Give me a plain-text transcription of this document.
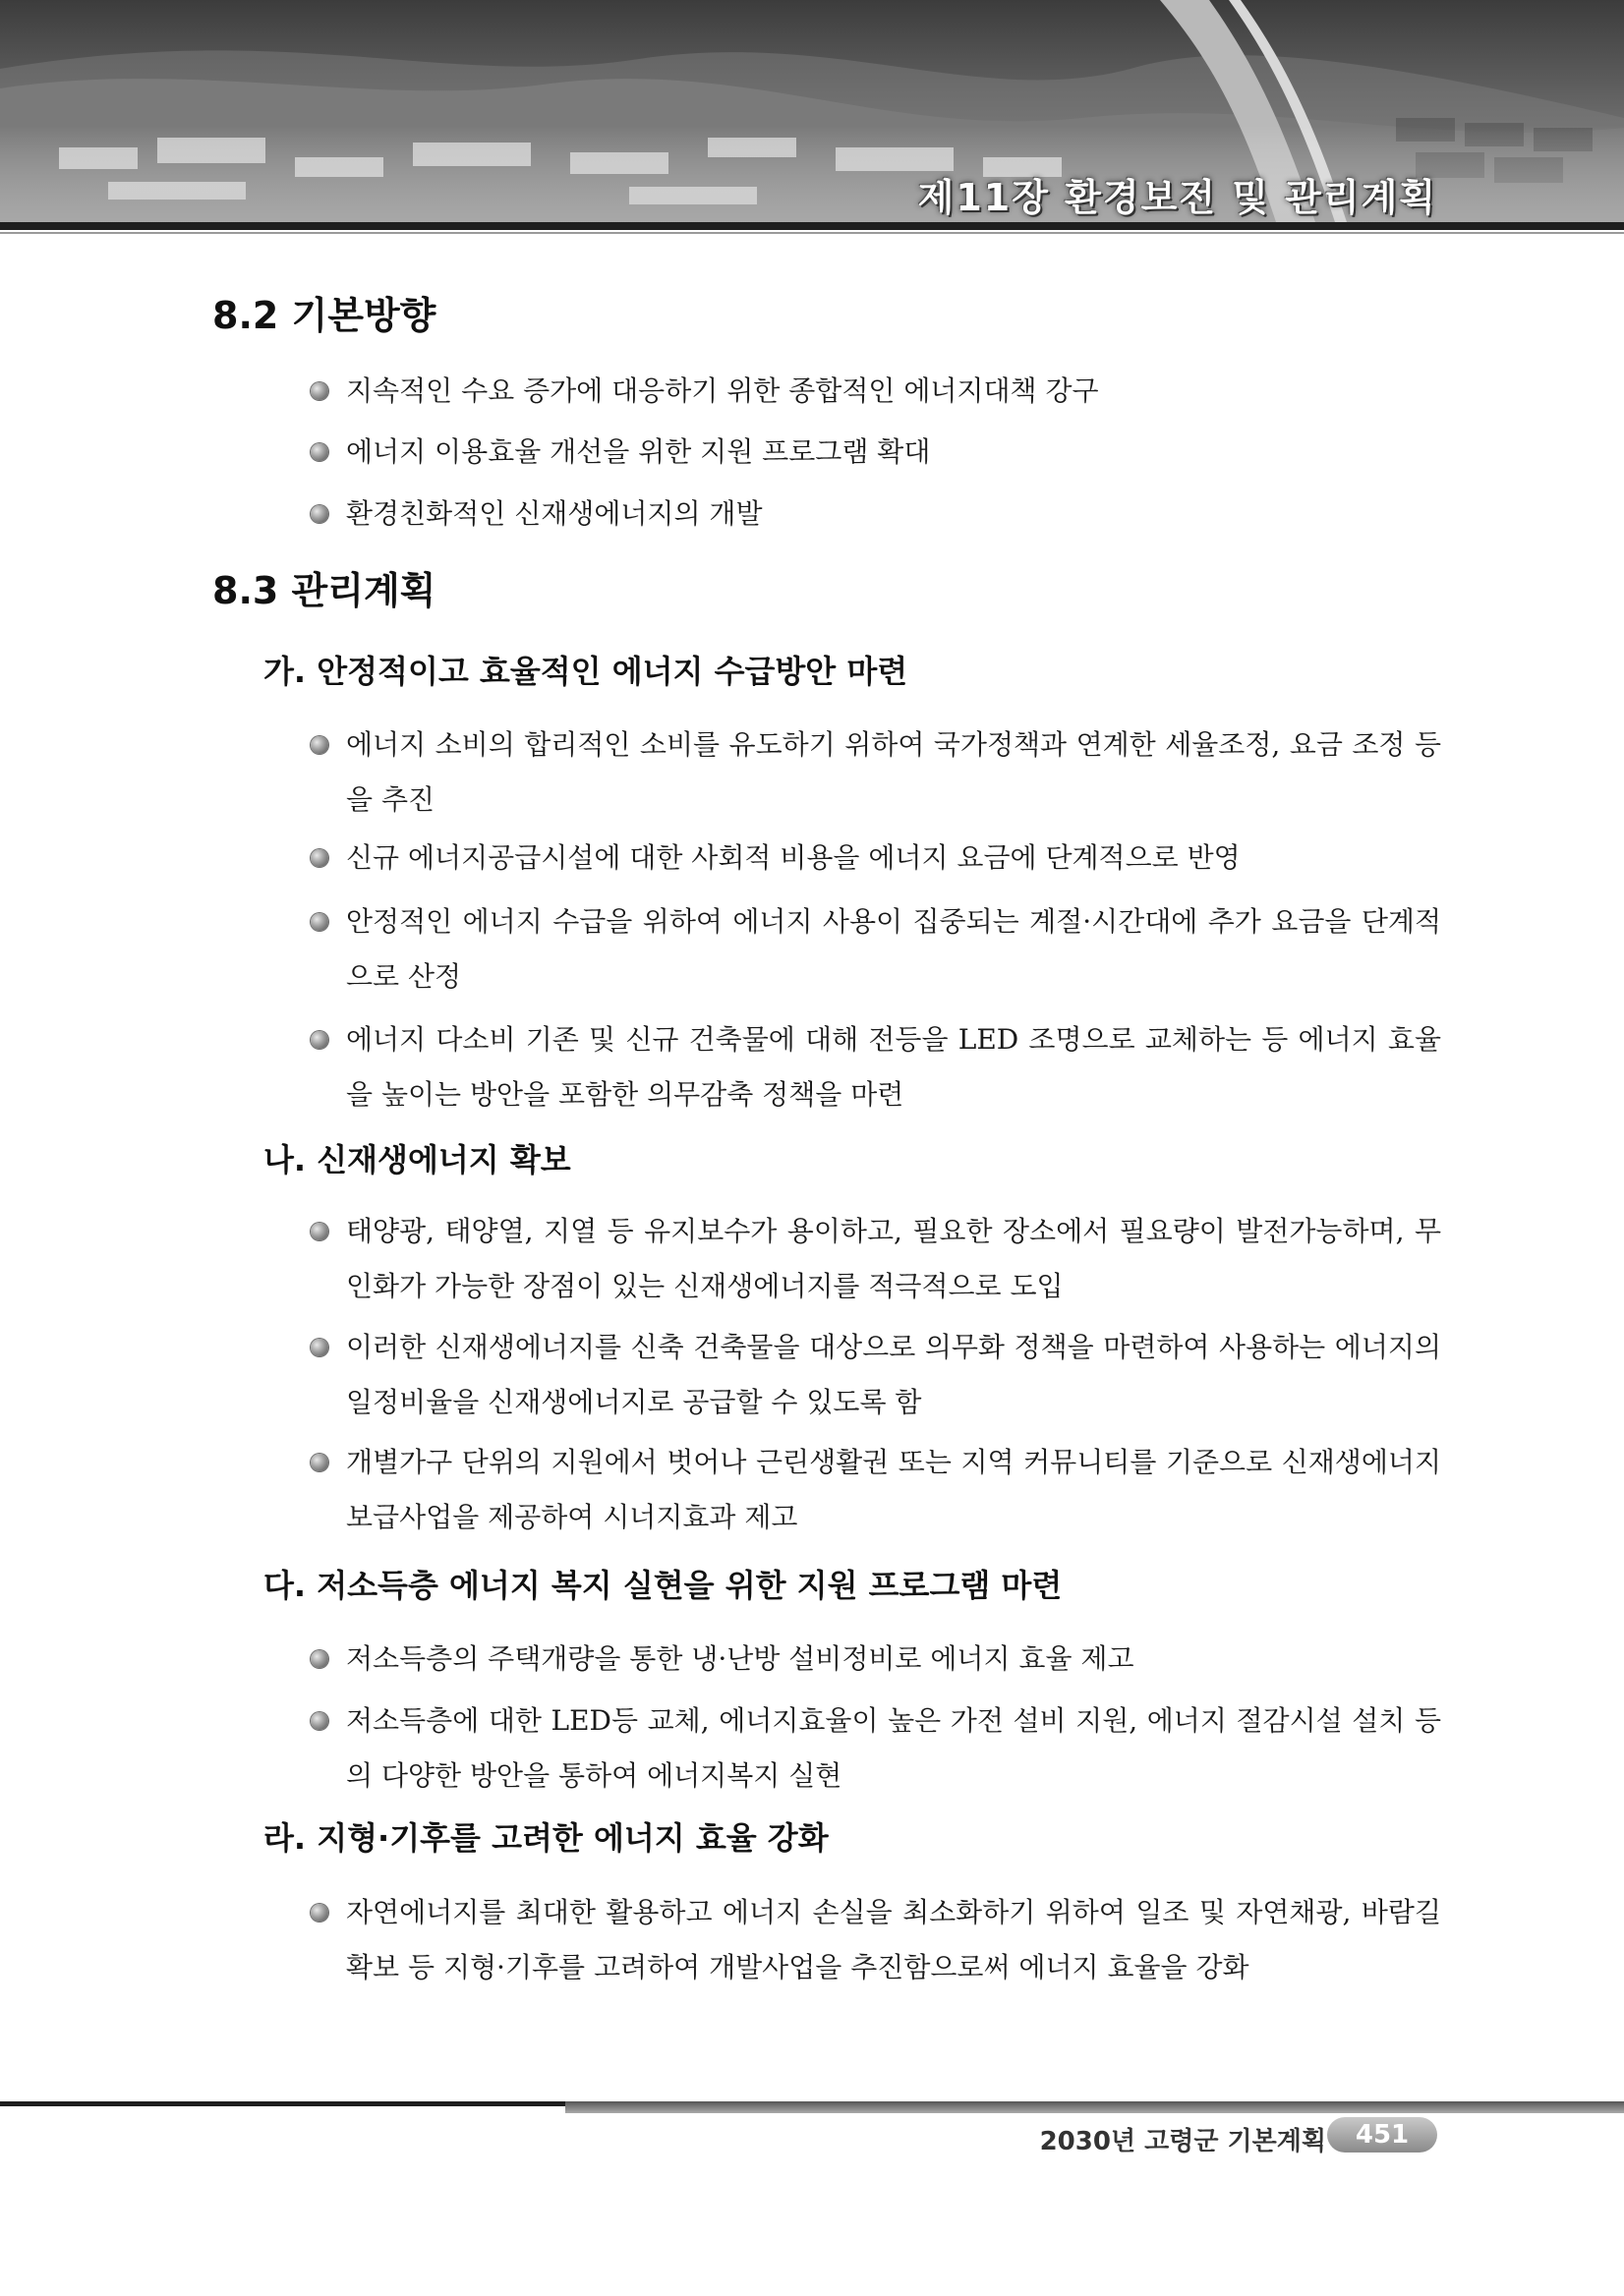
제11장 환경보전 및 관리계획
8.2 기본방향
지속적인 수요 증가에 대응하기 위한 종합적인 에너지대책 강구
에너지 이용효율 개선을 위한 지원 프로그램 확대
환경친화적인 신재생에너지의 개발
8.3 관리계획
가. 안정적이고 효율적인 에너지 수급방안 마련
에너지 소비의 합리적인 소비를 유도하기 위하여 국가정책과 연계한 세율조정, 요금 조정 등을 추진
신규 에너지공급시설에 대한 사회적 비용을 에너지 요금에 단계적으로 반영
안정적인 에너지 수급을 위하여 에너지 사용이 집중되는 계절·시간대에 추가 요금을 단계적으로 산정
에너지 다소비 기존 및 신규 건축물에 대해 전등을 LED 조명으로 교체하는 등 에너지 효율을 높이는 방안을 포함한 의무감축 정책을 마련
나. 신재생에너지 확보
태양광, 태양열, 지열 등 유지보수가 용이하고, 필요한 장소에서 필요량이 발전가능하며, 무인화가 가능한 장점이 있는 신재생에너지를 적극적으로 도입
이러한 신재생에너지를 신축 건축물을 대상으로 의무화 정책을 마련하여 사용하는 에너지의 일정비율을 신재생에너지로 공급할 수 있도록 함
개별가구 단위의 지원에서 벗어나 근린생활권 또는 지역 커뮤니티를 기준으로 신재생에너지 보급사업을 제공하여 시너지효과 제고
다. 저소득층 에너지 복지 실현을 위한 지원 프로그램 마련
저소득층의 주택개량을 통한 냉·난방 설비정비로 에너지 효율 제고
저소득층에 대한 LED등 교체, 에너지효율이 높은 가전 설비 지원, 에너지 절감시설 설치 등의 다양한 방안을 통하여 에너지복지 실현
라. 지형·기후를 고려한 에너지 효율 강화
자연에너지를 최대한 활용하고 에너지 손실을 최소화하기 위하여 일조 및 자연채광, 바람길 확보 등 지형·기후를 고려하여 개발사업을 추진함으로써 에너지 효율을 강화
2030년 고령군 기본계획	451
